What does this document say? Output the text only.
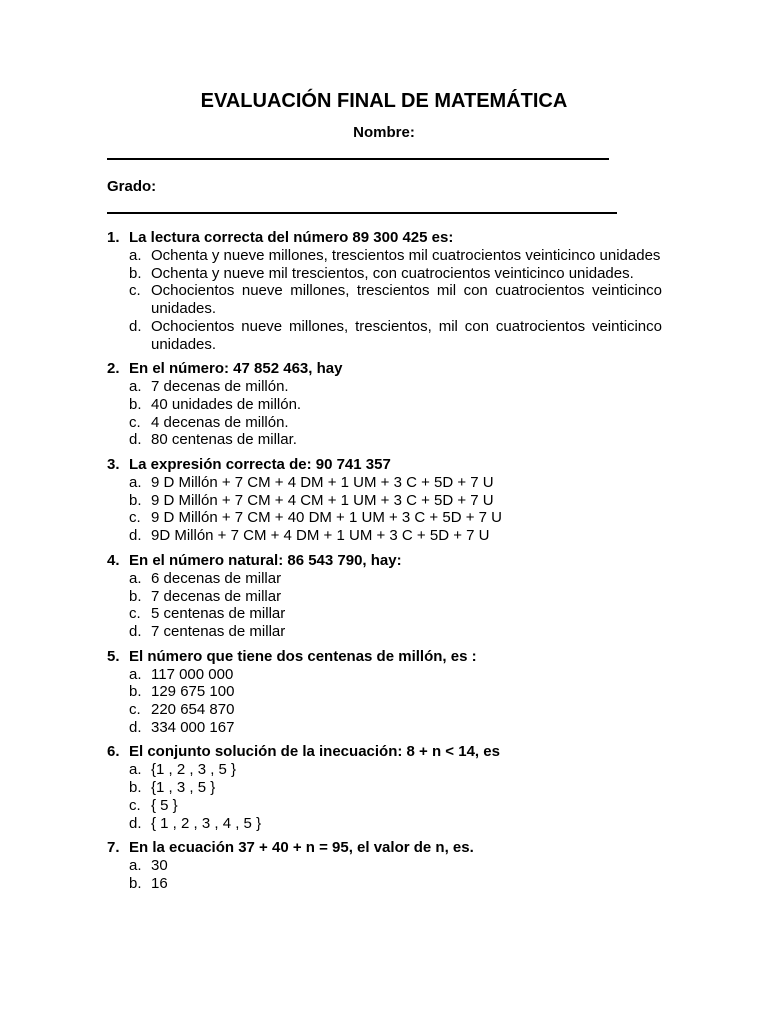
EVALUACIÓN FINAL DE MATEMÁTICA
Nombre:
Grado:
1. La lectura correcta del número 89 300 425 es:
a. Ochenta y nueve millones, trescientos mil cuatrocientos veinticinco unidades
b. Ochenta y nueve mil trescientos, con cuatrocientos veinticinco unidades.
c. Ochocientos nueve millones, trescientos mil con cuatrocientos veinticinco unidades.
d. Ochocientos nueve millones, trescientos, mil con cuatrocientos veinticinco unidades.
2. En el número: 47 852 463, hay
a. 7 decenas de millón.
b. 40 unidades de millón.
c. 4 decenas de millón.
d. 80 centenas de millar.
3. La expresión correcta de: 90 741 357
a. 9 D Millón + 7 CM + 4 DM + 1 UM + 3 C + 5D + 7 U
b. 9 D Millón + 7 CM + 4 CM + 1 UM + 3 C + 5D + 7 U
c. 9 D Millón + 7 CM + 40 DM + 1 UM + 3 C + 5D + 7 U
d. 9D Millón + 7 CM + 4 DM + 1 UM + 3 C + 5D + 7 U
4. En el número natural: 86 543 790, hay:
a. 6 decenas de millar
b. 7 decenas de millar
c. 5 centenas de millar
d. 7 centenas de millar
5. El número que tiene dos centenas de millón, es :
a. 117 000 000
b. 129 675 100
c. 220 654 870
d. 334 000 167
6. El conjunto solución de la inecuación: 8 + n < 14, es
a. {1 , 2 , 3 , 5 }
b. {1 , 3 , 5 }
c. { 5 }
d. { 1 , 2 , 3 , 4 , 5 }
7. En la ecuación 37 + 40 + n = 95, el valor de n, es.
a. 30
b. 16
